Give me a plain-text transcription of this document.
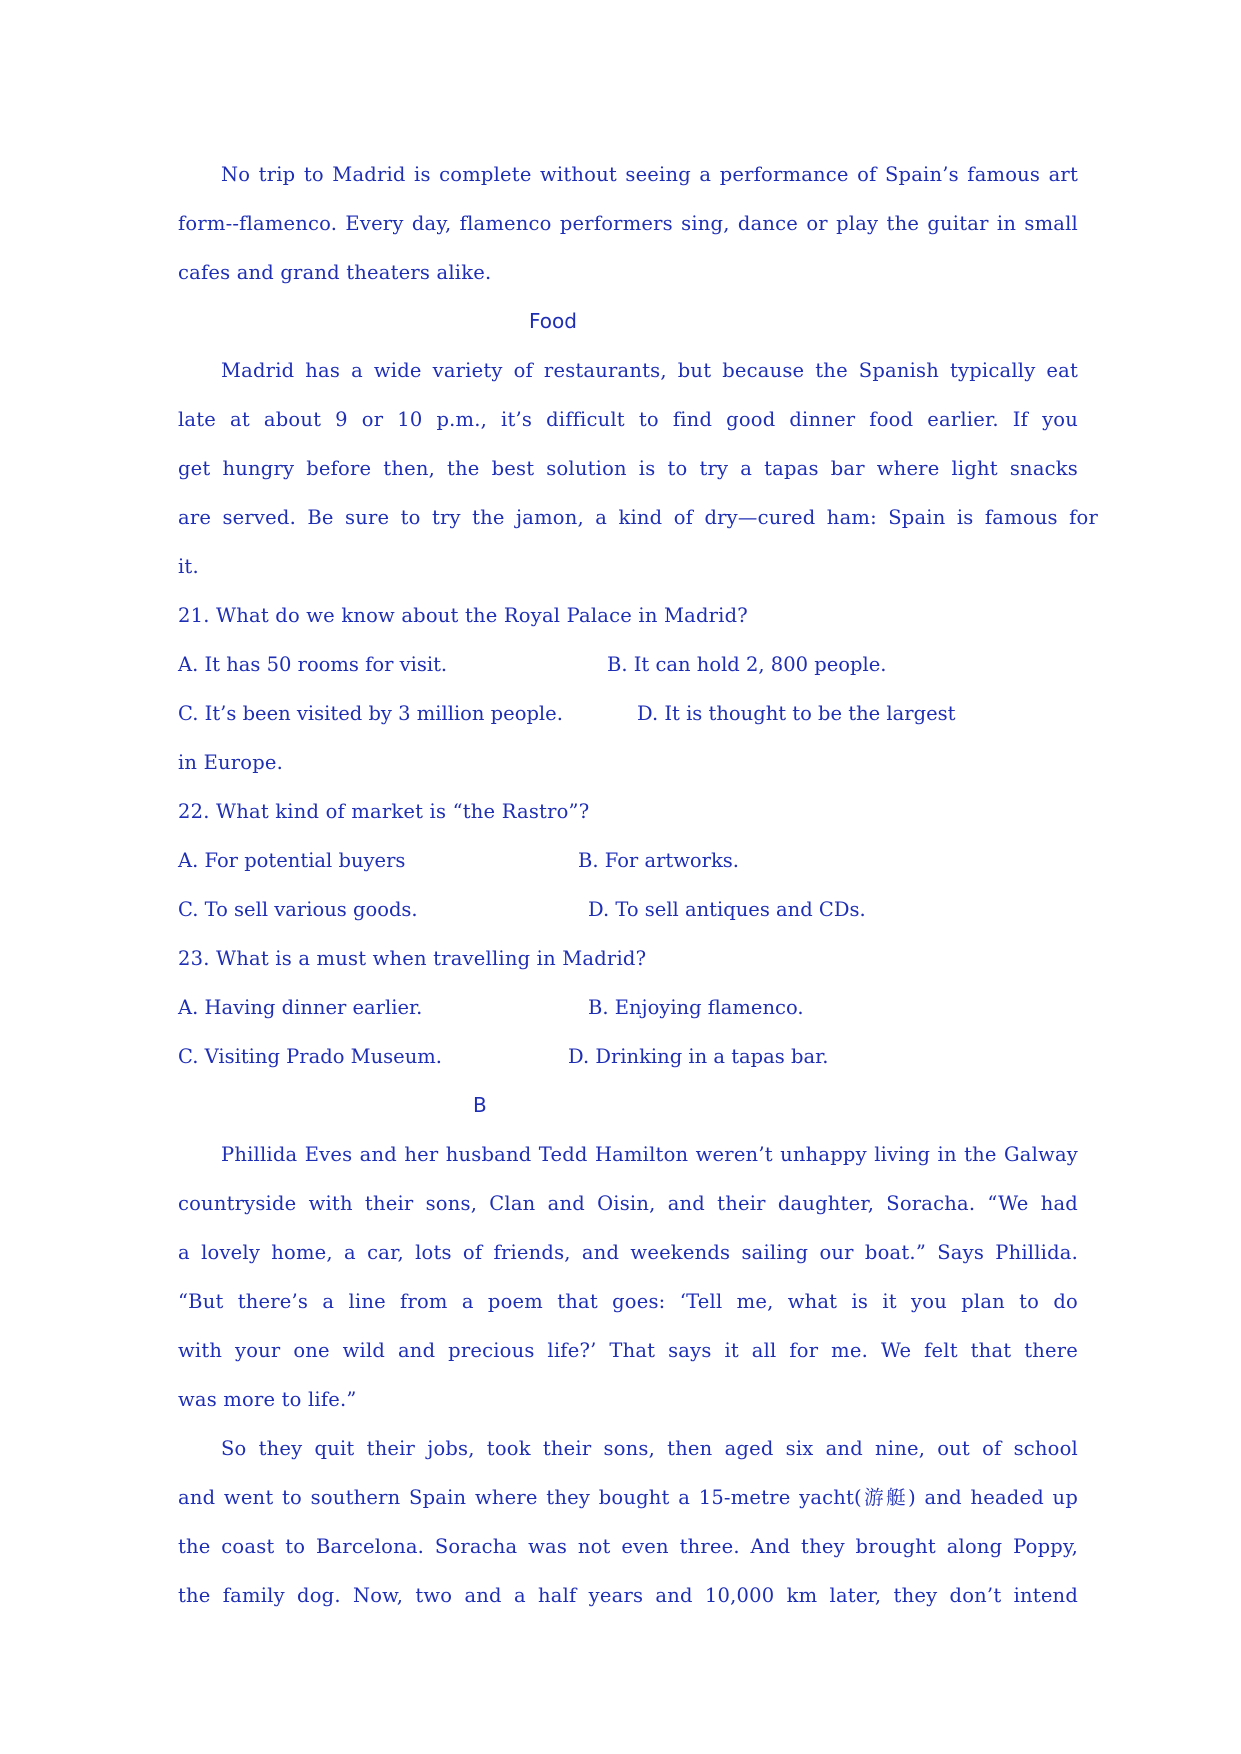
No trip to Madrid is complete without seeing a performance of Spain’s famous art
form--flamenco. Every day, flamenco performers sing, dance or play the guitar in small
cafes and grand theaters alike.
Food
Madrid has a wide variety of restaurants, but because the Spanish typically eat
late at about 9 or 10 p.m., it’s difficult to find good dinner food earlier. If you
get hungry before then, the best solution is to try a tapas bar where light snacks
are served. Be sure to try the jamon, a kind of dry—cured ham: Spain is famous for
it.
21. What do we know about the Royal Palace in Madrid?
A. It has 50 rooms for visit.	B. It can hold 2, 800 people.
C. It’s been visited by 3 million people.	D. It is thought to be the largest
in Europe.
22. What kind of market is “the Rastro”?
A. For potential buyers	B. For artworks.
C. To sell various goods.	D. To sell antiques and CDs.
23. What is a must when travelling in Madrid?
A. Having dinner earlier.	B. Enjoying flamenco.
C. Visiting Prado Museum.	D. Drinking in a tapas bar.
B
Phillida Eves and her husband Tedd Hamilton weren’t unhappy living in the Galway
countryside with their sons, Clan and Oisin, and their daughter, Soracha. “We had
a lovely home, a car, lots of friends, and weekends sailing our boat.” Says Phillida.
“But there’s a line from a poem that goes: ‘Tell me, what is it you plan to do
with your one wild and precious life?’ That says it all for me. We felt that there
was more to life.”
So they quit their jobs, took their sons, then aged six and nine, out of school
and went to southern Spain where they bought a 15-metre yacht(游艇) and headed up
the coast to Barcelona. Soracha was not even three. And they brought along Poppy,
the family dog. Now, two and a half years and 10,000 km later, they don’t intend
